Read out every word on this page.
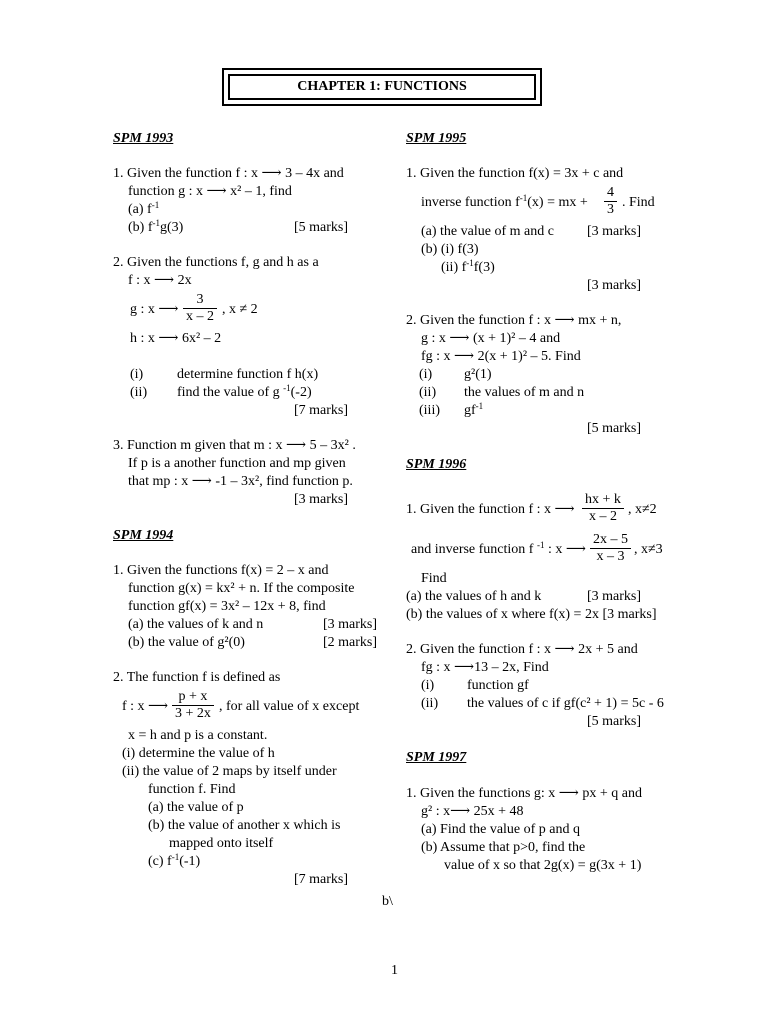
CHAPTER 1: FUNCTIONS
SPM 1993
1. Given the function f : x ⟶ 3 – 4x and
function g : x ⟶ x² – 1, find
(a) $f^{-1}$
(b) $f^{-1}g(3)$	[5 marks]
2. Given the functions f, g and h as a
f : x ⟶ 2x
g : x ⟶ $\frac{3}{x - 2}$ , x ≠ 2
h : x ⟶ 6x² – 2
(i) determine function f h(x)
(ii) find the value of g $^{-1}$(-2)
[7 marks]
3. Function m given that m : x ⟶ 5 – 3x² .
If p is a another function and mp given
that mp : x ⟶ -1 – 3x², find function p.
[3 marks]
SPM 1994
1. Given the functions f(x) = 2 – x and
function g(x) = kx² + n. If the composite
function gf(x) = 3x² – 12x + 8, find
(a) the values of k and n	[3 marks]
(b) the value of g²(0)	[2 marks]
2. The function f is defined as
f : x ⟶ $\frac{p + x}{3 + 2x}$ , for all value of x except
x = h and p is a constant.
(i) determine the value of h
(ii) the value of 2 maps by itself under
function f. Find
(a) the value of p
(b) the value of another x which is
mapped onto itself
(c) $f^{-1}(-1)$
[7 marks]
SPM 1995
1. Given the function f(x) = 3x + c and
inverse function $f^{-1}(x)$ = mx + $\frac{4}{3}$ . Find
(a) the value of m and c [3 marks]
(b) (i) f(3)
(ii) $f^{-1}f(3)$
[3 marks]
2. Given the function f : x ⟶ mx + n,
g : x ⟶ (x + 1)² – 4 and
fg : x ⟶ 2(x + 1)² – 5. Find
(i) g²(1)
(ii) the values of m and n
(iii) $gf^{-1}$
[5 marks]
SPM 1996
1. Given the function f : x ⟶ $\frac{hx + k}{x - 2}$ , x≠2
and inverse function f $^{-1}$ : x ⟶ $\frac{2x - 5}{x - 3}$ , x≠3
Find
(a) the values of h and k	[3 marks]
(b) the values of x where f(x) = 2x [3 marks]
2. Given the function f : x ⟶ 2x + 5 and
fg : x ⟶13 – 2x, Find
(i) function gf
(ii) the values of c if gf(c² + 1) = 5c - 6
[5 marks]
SPM 1997
1. Given the functions g: x ⟶ px + q and
g² : x⟶ 25x + 48
(a) Find the value of p and q
(b) Assume that p>0, find the
value of x so that 2g(x) = g(3x + 1)
b\
1
